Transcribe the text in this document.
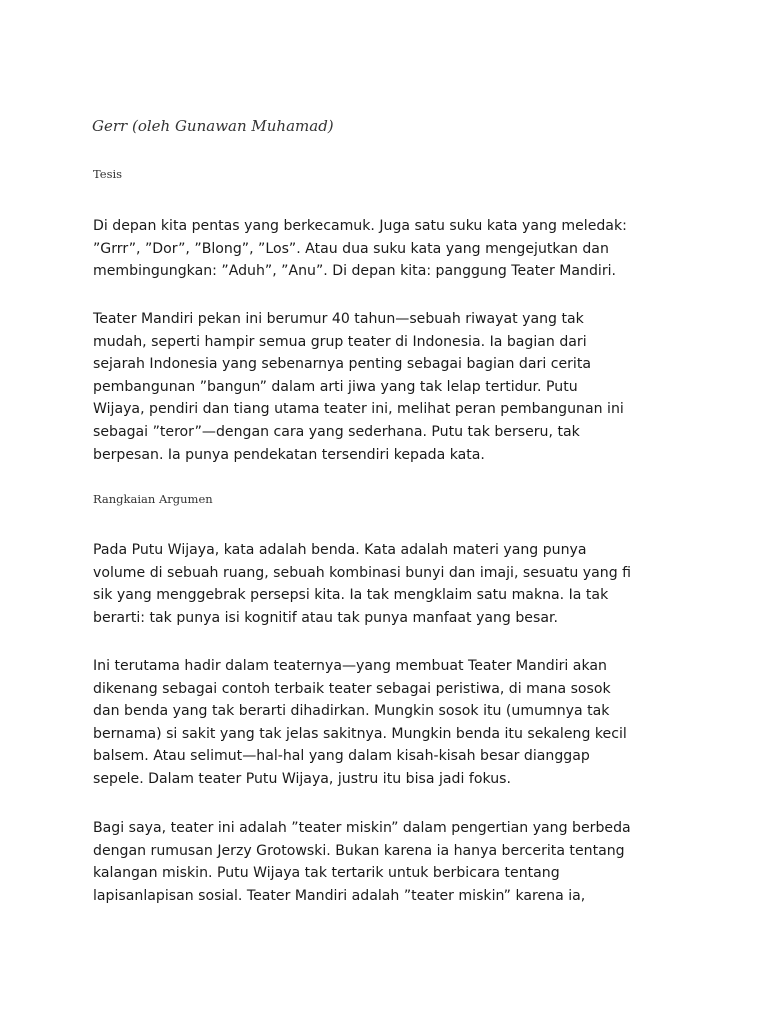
Gerr (oleh Gunawan Muhamad)
Tesis

Di depan kita pentas yang berkecamuk. Juga satu suku kata yang meledak:
”Grrr”, ”Dor”, ”Blong”, ”Los”. Atau dua suku kata yang mengejutkan dan
membingungkan: ”Aduh”, ”Anu”. Di depan kita: panggung Teater Mandiri.

Teater Mandiri pekan ini berumur 40 tahun—sebuah riwayat yang tak
mudah, seperti hampir semua grup teater di Indonesia. Ia bagian dari
sejarah Indonesia yang sebenarnya penting sebagai bagian dari cerita
pembangunan ”bangun” dalam arti jiwa yang tak lelap tertidur. Putu
Wijaya, pendiri dan tiang utama teater ini, melihat peran pembangunan ini
sebagai ”teror”—dengan cara yang sederhana. Putu tak berseru, tak
berpesan. Ia punya pendekatan tersendiri kepada kata.

Rangkaian Argumen

Pada Putu Wijaya, kata adalah benda. Kata adalah materi yang punya
volume di sebuah ruang, sebuah kombinasi bunyi dan imaji, sesuatu yang fi
sik yang menggebrak persepsi kita. Ia tak mengklaim satu makna. Ia tak
berarti: tak punya isi kognitif atau tak punya manfaat yang besar.

Ini terutama hadir dalam teaternya—yang membuat Teater Mandiri akan
dikenang sebagai contoh terbaik teater sebagai peristiwa, di mana sosok
dan benda yang tak berarti dihadirkan. Mungkin sosok itu (umumnya tak
bernama) si sakit yang tak jelas sakitnya. Mungkin benda itu sekaleng kecil
balsem. Atau selimut—hal-hal yang dalam kisah-kisah besar dianggap
sepele. Dalam teater Putu Wijaya, justru itu bisa jadi fokus.

Bagi saya, teater ini adalah ”teater miskin” dalam pengertian yang berbeda
dengan rumusan Jerzy Grotowski. Bukan karena ia hanya bercerita tentang
kalangan miskin. Putu Wijaya tak tertarik untuk berbicara tentang
lapisanlapisan sosial. Teater Mandiri adalah ”teater miskin” karena ia,
